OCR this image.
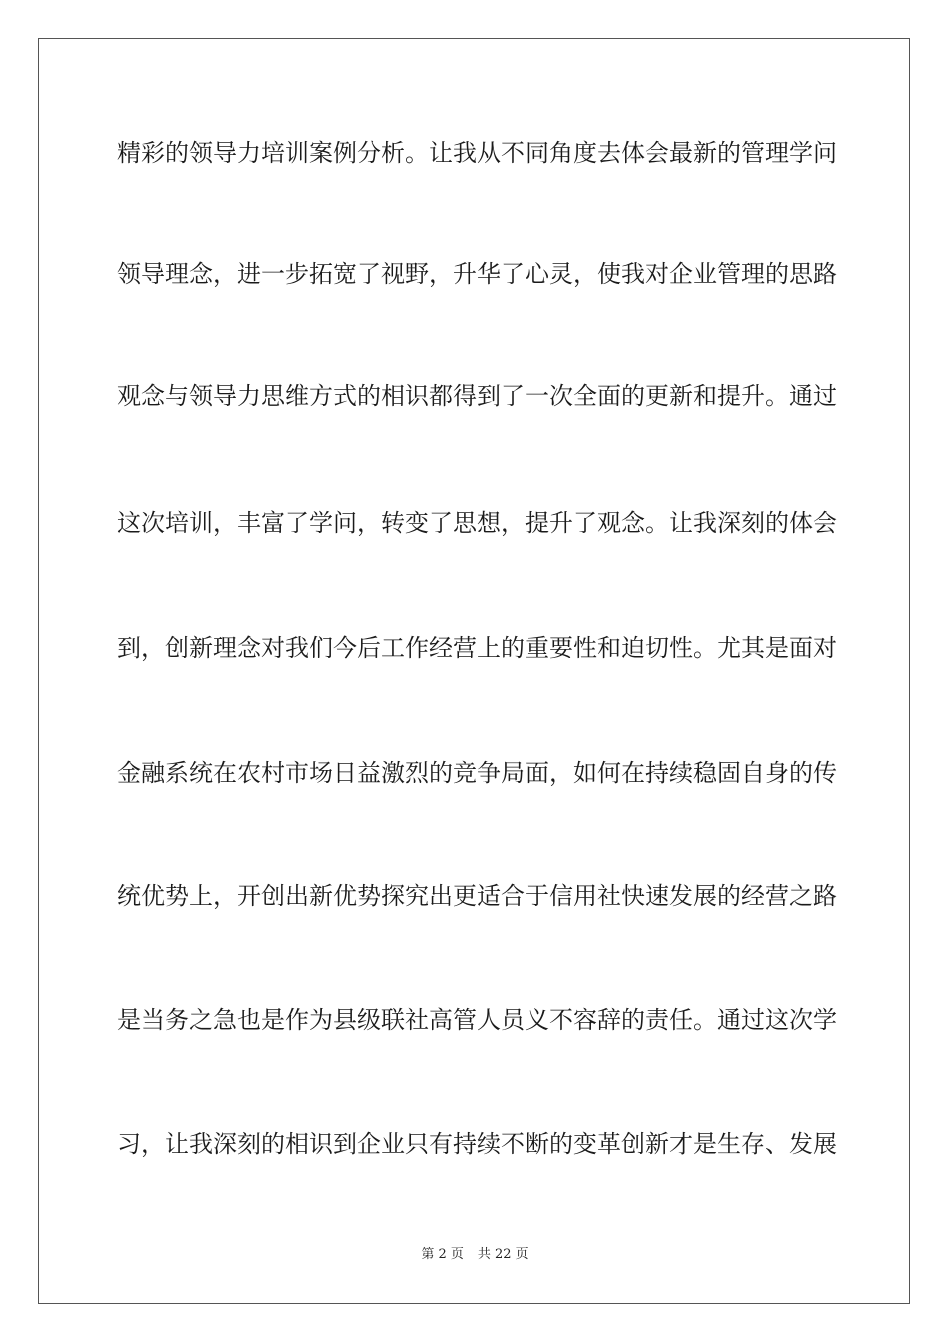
精彩的领导力培训案例分析。让我从不同角度去体会最新的管理学问
领导理念，进一步拓宽了视野，升华了心灵，使我对企业管理的思路
观念与领导力思维方式的相识都得到了一次全面的更新和提升。通过
这次培训，丰富了学问，转变了思想，提升了观念。让我深刻的体会
到，创新理念对我们今后工作经营上的重要性和迫切性。尤其是面对
金融系统在农村市场日益激烈的竞争局面，如何在持续稳固自身的传
统优势上，开创出新优势探究出更适合于信用社快速发展的经营之路
是当务之急也是作为县级联社高管人员义不容辞的责任。通过这次学
习，让我深刻的相识到企业只有持续不断的变革创新才是生存、发展
第 2 页 共 22 页
